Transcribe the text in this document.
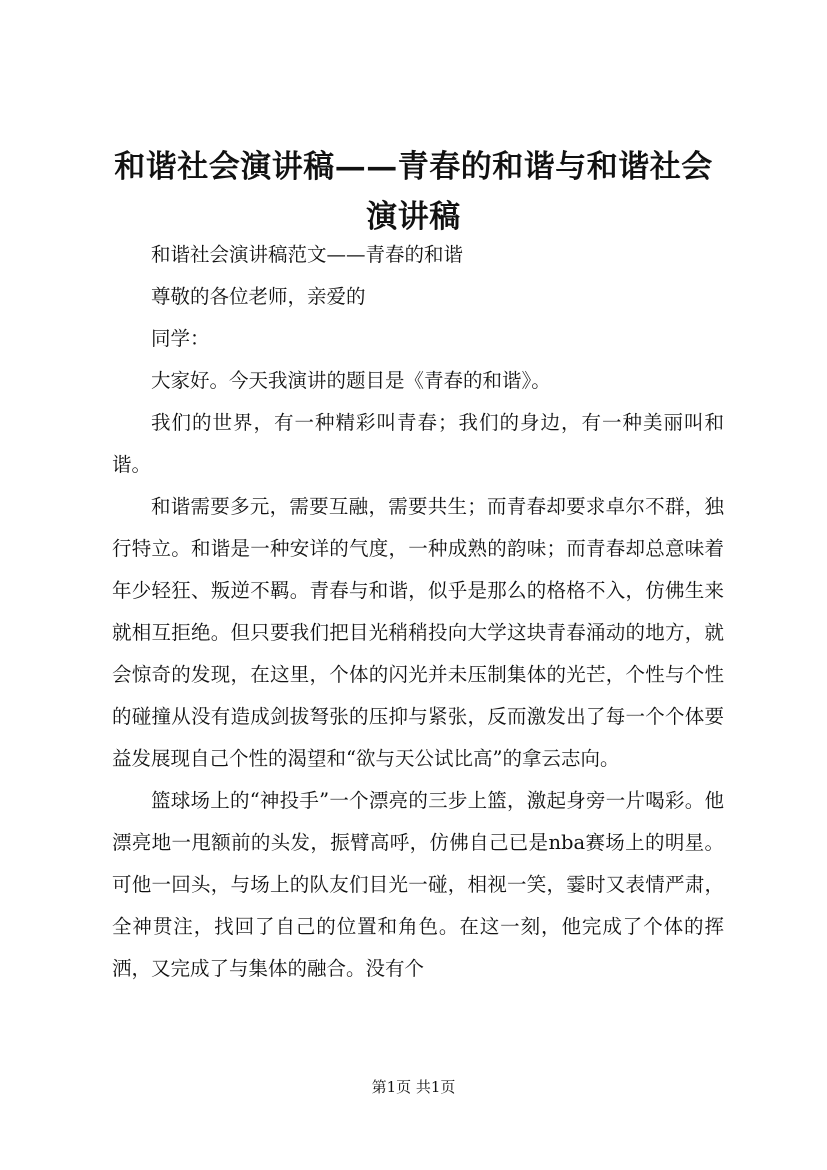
和谐社会演讲稿——青春的和谐与和谐社会演讲稿

和谐社会演讲稿范文——青春的和谐

尊敬的各位老师，亲爱的

同学：

大家好。今天我演讲的题目是《青春的和谐》。

我们的世界，有一种精彩叫青春；我们的身边，有一种美丽叫和谐。

和谐需要多元，需要互融，需要共生；而青春却要求卓尔不群，独行特立。和谐是一种安详的气度，一种成熟的韵味；而青春却总意味着年少轻狂、叛逆不羁。青春与和谐，似乎是那么的格格不入，仿佛生来就相互拒绝。但只要我们把目光稍稍投向大学这块青春涌动的地方，就会惊奇的发现，在这里，个体的闪光并未压制集体的光芒，个性与个性的碰撞从没有造成剑拔弩张的压抑与紧张，反而激发出了每一个个体要益发展现自己个性的渴望和“欲与天公试比高”的拿云志向。

篮球场上的“神投手”一个漂亮的三步上篮，激起身旁一片喝彩。他漂亮地一甩额前的头发，振臂高呼，仿佛自己已是nba赛场上的明星。可他一回头，与场上的队友们目光一碰，相视一笑，霎时又表情严肃，全神贯注，找回了自己的位置和角色。在这一刻，他完成了个体的挥洒，又完成了与集体的融合。没有个

第1页 共1页
